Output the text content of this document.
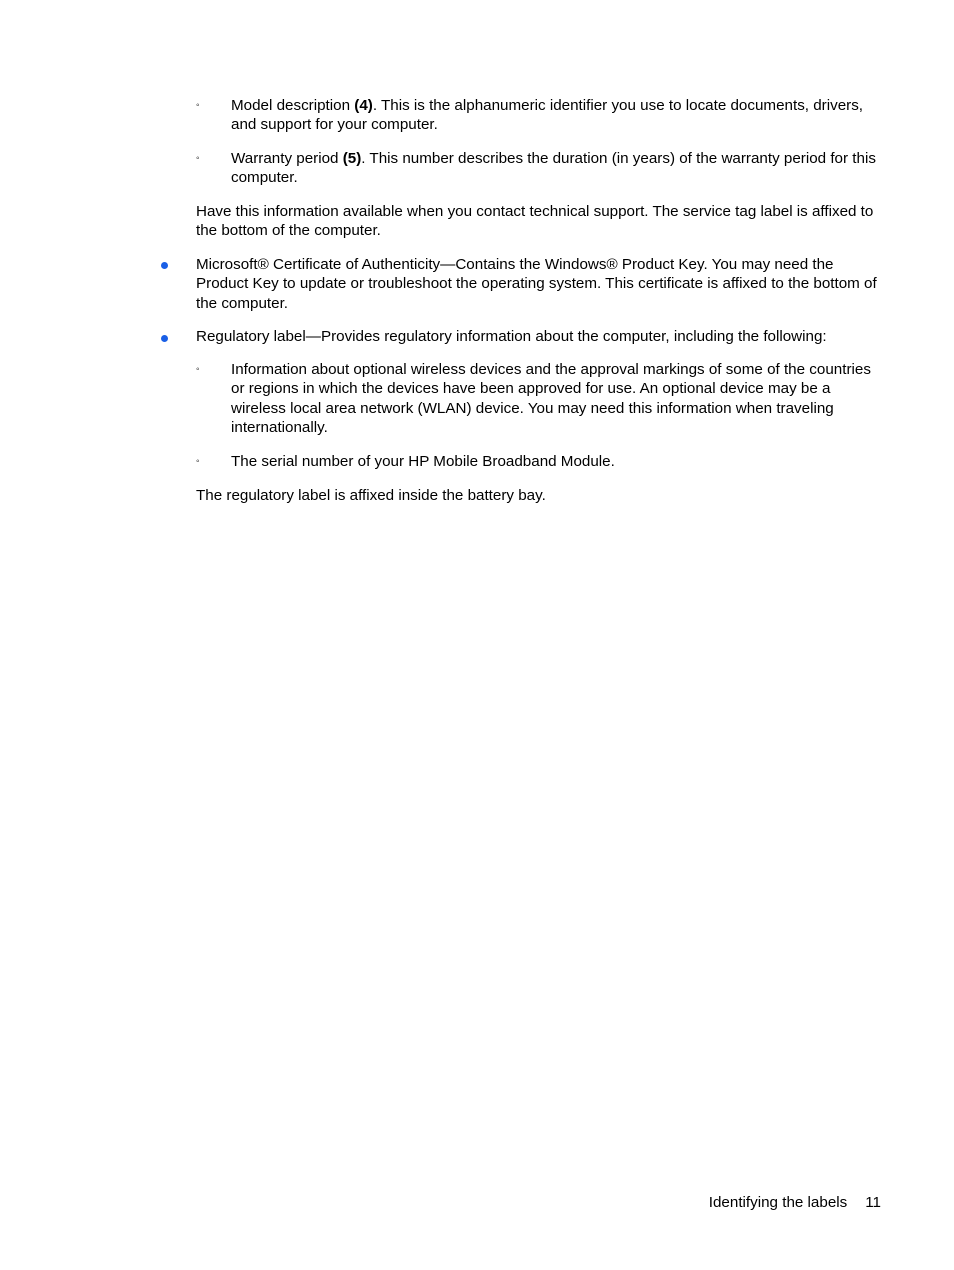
◦ Model description (4). This is the alphanumeric identifier you use to locate documents, drivers, and support for your computer.

◦ Warranty period (5). This number describes the duration (in years) of the warranty period for this computer.

Have this information available when you contact technical support. The service tag label is affixed to the bottom of the computer.

Microsoft® Certificate of Authenticity—Contains the Windows® Product Key. You may need the Product Key to update or troubleshoot the operating system. This certificate is affixed to the bottom of the computer.

Regulatory label—Provides regulatory information about the computer, including the following:

◦ Information about optional wireless devices and the approval markings of some of the countries or regions in which the devices have been approved for use. An optional device may be a wireless local area network (WLAN) device. You may need this information when traveling internationally.

◦ The serial number of your HP Mobile Broadband Module.

The regulatory label is affixed inside the battery bay.

Identifying the labels 11
